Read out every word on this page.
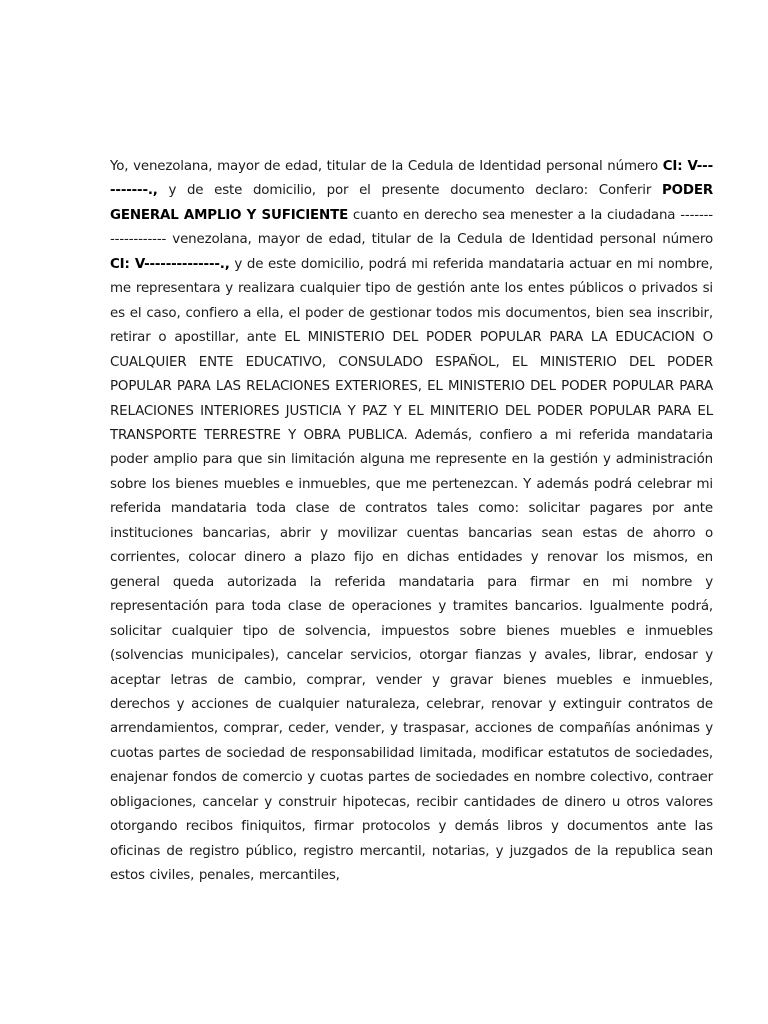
Yo, venezolana, mayor de edad, titular de la Cedula de Identidad personal número CI: V----------., y de este domicilio, por el presente documento declaro: Conferir PODER GENERAL AMPLIO Y SUFICIENTE cuanto en derecho sea menester a la ciudadana ------------------- venezolana, mayor de edad, titular de la Cedula de Identidad personal número CI: V--------------., y de este domicilio, podrá mi referida mandataria actuar en mi nombre, me representara y realizara cualquier tipo de gestión ante los entes públicos o privados si es el caso, confiero a ella, el poder de gestionar todos mis documentos, bien sea inscribir, retirar o apostillar, ante EL MINISTERIO DEL PODER POPULAR PARA LA EDUCACION O CUALQUIER ENTE EDUCATIVO, CONSULADO ESPAÑOL, EL MINISTERIO DEL PODER POPULAR PARA LAS RELACIONES EXTERIORES, EL MINISTERIO DEL PODER POPULAR PARA RELACIONES INTERIORES JUSTICIA Y PAZ Y EL MINITERIO DEL PODER POPULAR PARA EL TRANSPORTE TERRESTRE Y OBRA PUBLICA. Además, confiero a mi referida mandataria poder amplio para que sin limitación alguna me represente en la gestión y administración sobre los bienes muebles e inmuebles, que me pertenezcan. Y además podrá celebrar mi referida mandataria toda clase de contratos tales como: solicitar pagares por ante instituciones bancarias, abrir y movilizar cuentas bancarias sean estas de ahorro o corrientes, colocar dinero a plazo fijo en dichas entidades y renovar los mismos, en general queda autorizada la referida mandataria para firmar en mi nombre y representación para toda clase de operaciones y tramites bancarios. Igualmente podrá, solicitar cualquier tipo de solvencia, impuestos sobre bienes muebles e inmuebles (solvencias municipales), cancelar servicios, otorgar fianzas y avales, librar, endosar y aceptar letras de cambio, comprar, vender y gravar bienes muebles e inmuebles, derechos y acciones de cualquier naturaleza, celebrar, renovar y extinguir contratos de arrendamientos, comprar, ceder, vender, y traspasar, acciones de compañías anónimas y cuotas partes de sociedad de responsabilidad limitada, modificar estatutos de sociedades, enajenar fondos de comercio y cuotas partes de sociedades en nombre colectivo, contraer obligaciones, cancelar y construir hipotecas, recibir cantidades de dinero u otros valores otorgando recibos finiquitos, firmar protocolos y demás libros y documentos ante las oficinas de registro público, registro mercantil, notarias, y juzgados de la republica sean estos civiles, penales, mercantiles,
